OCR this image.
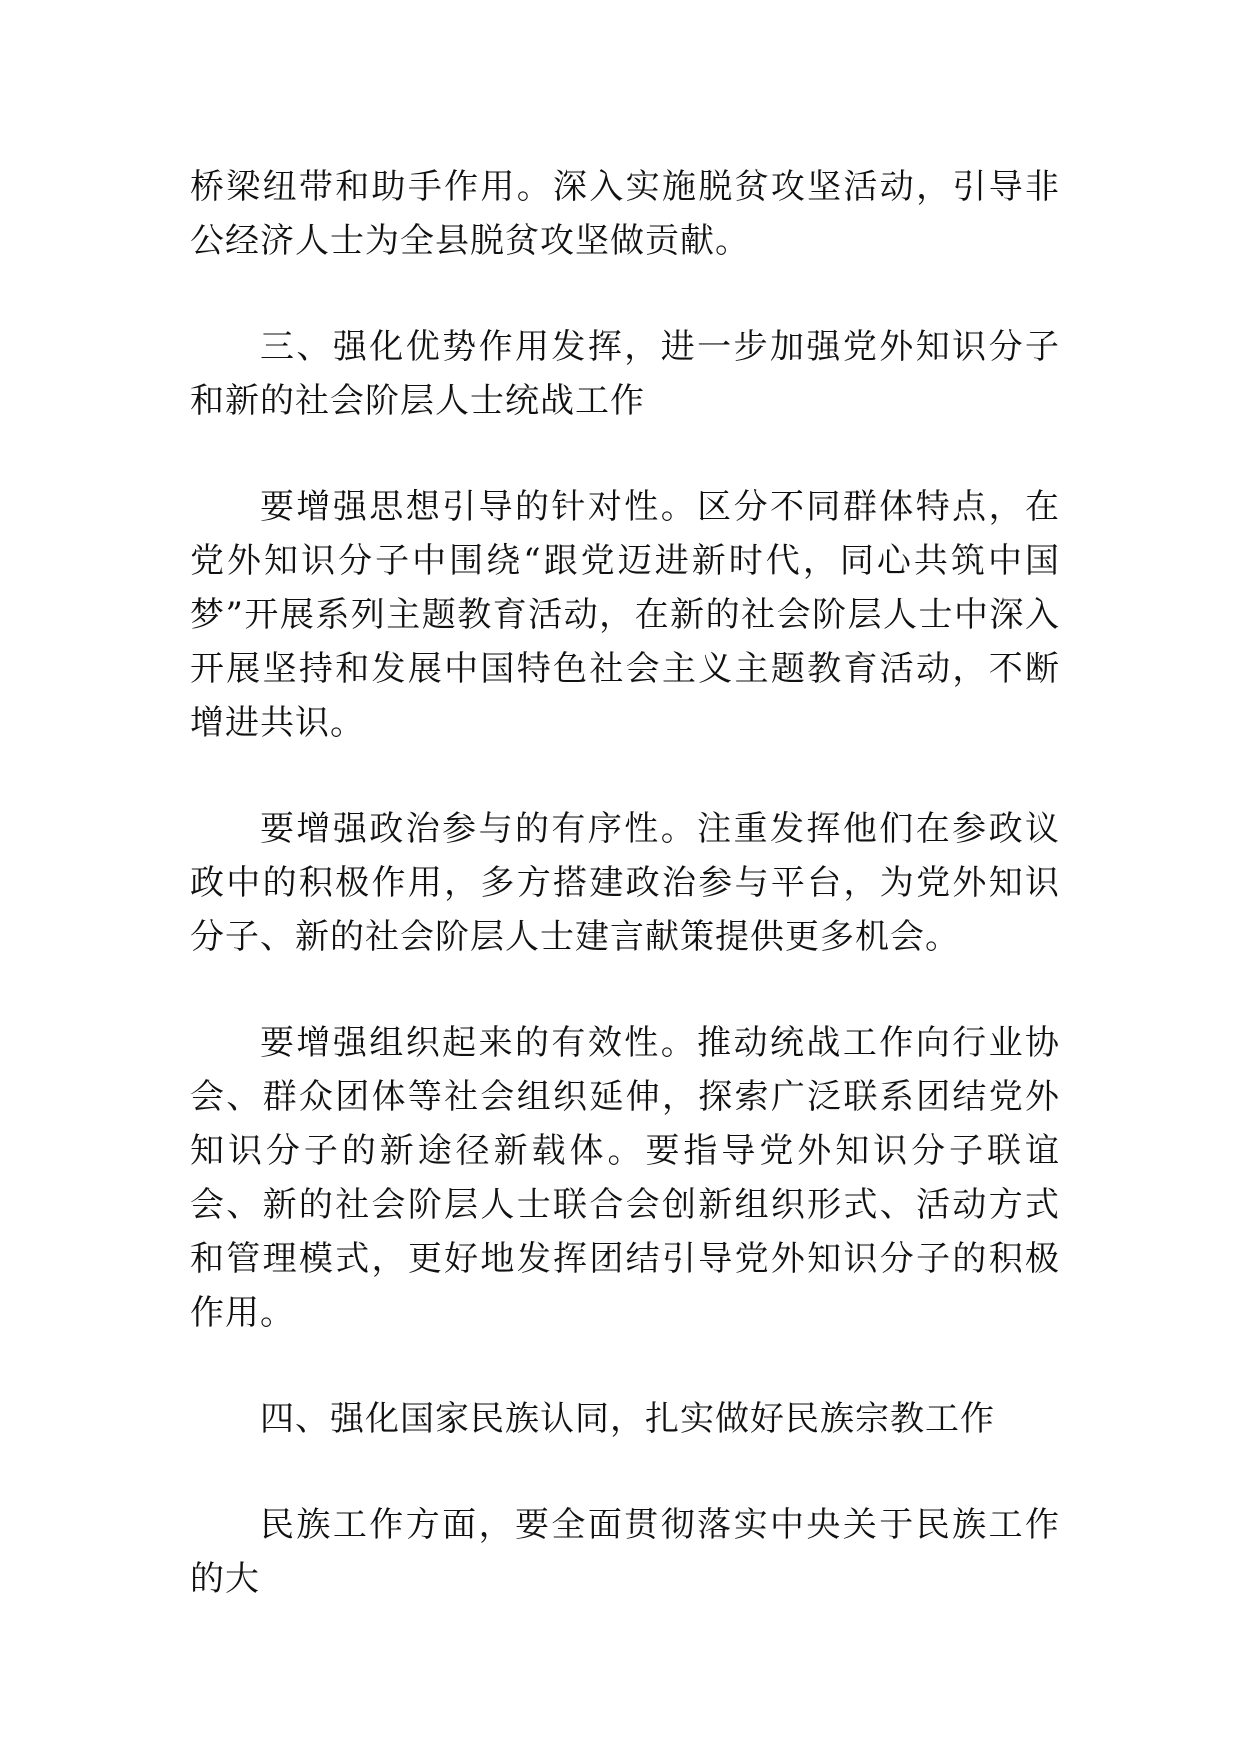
桥梁纽带和助手作用。深入实施脱贫攻坚活动，引导非公经济人士为全县脱贫攻坚做贡献。

三、强化优势作用发挥，进一步加强党外知识分子和新的社会阶层人士统战工作

要增强思想引导的针对性。区分不同群体特点，在党外知识分子中围绕“跟党迈进新时代，同心共筑中国梦”开展系列主题教育活动，在新的社会阶层人士中深入开展坚持和发展中国特色社会主义主题教育活动，不断增进共识。

要增强政治参与的有序性。注重发挥他们在参政议政中的积极作用，多方搭建政治参与平台，为党外知识分子、新的社会阶层人士建言献策提供更多机会。

要增强组织起来的有效性。推动统战工作向行业协会、群众团体等社会组织延伸，探索广泛联系团结党外知识分子的新途径新载体。要指导党外知识分子联谊会、新的社会阶层人士联合会创新组织形式、活动方式和管理模式，更好地发挥团结引导党外知识分子的积极作用。

四、强化国家民族认同，扎实做好民族宗教工作

民族工作方面，要全面贯彻落实中央关于民族工作的大
